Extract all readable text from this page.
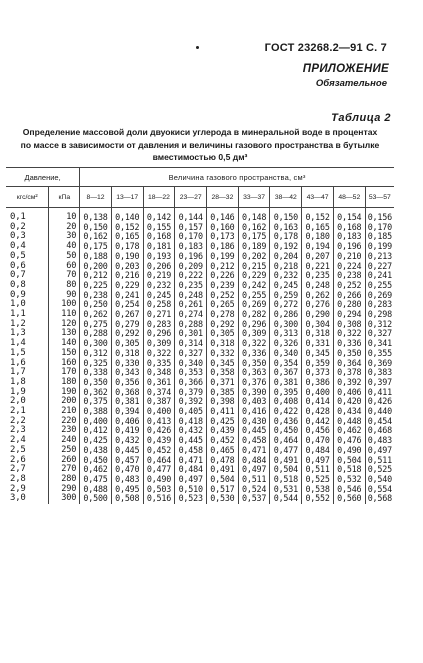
ГОСТ 23268.2—91 С. 7
ПРИЛОЖЕНИЕ
Обязательное
Таблица 2
Определение массовой доли двуокиси углерода в минеральной воде в процентах
по массе в зависимости от давления и величины газового пространства в бутылке
вместимостью 0,5 дм³
Давление,		Величина газового пространства, см³									
кгс/см²	кПа	8—12	13—17	18—22	23—27	28—32	33—37	38—42	43—47	48—52	53—57
0,1	10	0,138	0,140	0,142	0,144	0,146	0,148	0,150	0,152	0,154	0,156
0,2	20	0,150	0,152	0,155	0,157	0,160	0,162	0,163	0,165	0,168	0,170
0,3	30	0,162	0,165	0,168	0,170	0,173	0,175	0,178	0,180	0,183	0,185
0,4	40	0,175	0,178	0,181	0,183	0,186	0,189	0,192	0,194	0,196	0,199
0,5	50	0,188	0,190	0,193	0,196	0,199	0,202	0,204	0,207	0,210	0,213
0,6	60	0,200	0,203	0,206	0,209	0,212	0,215	0,218	0,221	0,224	0,227
0,7	70	0,212	0,216	0,219	0,222	0,226	0,229	0,232	0,235	0,238	0,241
0,8	80	0,225	0,229	0,232	0,235	0,239	0,242	0,245	0,248	0,252	0,255
0,9	90	0,238	0,241	0,245	0,248	0,252	0,255	0,259	0,262	0,266	0,269
1,0	100	0,250	0,254	0,258	0,261	0,265	0,269	0,272	0,276	0,280	0,283
1,1	110	0,262	0,267	0,271	0,274	0,278	0,282	0,286	0,290	0,294	0,298
1,2	120	0,275	0,279	0,283	0,288	0,292	0,296	0,300	0,304	0,308	0,312
1,3	130	0,288	0,292	0,296	0,301	0,305	0,309	0,313	0,318	0,322	0,327
1,4	140	0,300	0,305	0,309	0,314	0,318	0,322	0,326	0,331	0,336	0,341
1,5	150	0,312	0,318	0,322	0,327	0,332	0,336	0,340	0,345	0,350	0,355
1,6	160	0,325	0,330	0,335	0,340	0,345	0,350	0,354	0,359	0,364	0,369
1,7	170	0,338	0,343	0,348	0,353	0,358	0,363	0,367	0,373	0,378	0,383
1,8	180	0,350	0,356	0,361	0,366	0,371	0,376	0,381	0,386	0,392	0,397
1,9	190	0,362	0,368	0,374	0,379	0,385	0,390	0,395	0,400	0,406	0,411
2,0	200	0,375	0,381	0,387	0,392	0,398	0,403	0,408	0,414	0,420	0,426
2,1	210	0,388	0,394	0,400	0,405	0,411	0,416	0,422	0,428	0,434	0,440
2,2	220	0,400	0,406	0,413	0,418	0,425	0,430	0,436	0,442	0,448	0,454
2,3	230	0,412	0,419	0,426	0,432	0,439	0,445	0,450	0,456	0,462	0,468
2,4	240	0,425	0,432	0,439	0,445	0,452	0,458	0,464	0,470	0,476	0,483
2,5	250	0,438	0,445	0,452	0,458	0,465	0,471	0,477	0,484	0,490	0,497
2,6	260	0,450	0,457	0,464	0,471	0,478	0,484	0,491	0,497	0,504	0,511
2,7	270	0,462	0,470	0,477	0,484	0,491	0,497	0,504	0,511	0,518	0,525
2,8	280	0,475	0,483	0,490	0,497	0,504	0,511	0,518	0,525	0,532	0,540
2,9	290	0,488	0,495	0,503	0,510	0,517	0,524	0,531	0,538	0,546	0,554
3,0	300	0,500	0,508	0,516	0,523	0,530	0,537	0,544	0,552	0,560	0,568
